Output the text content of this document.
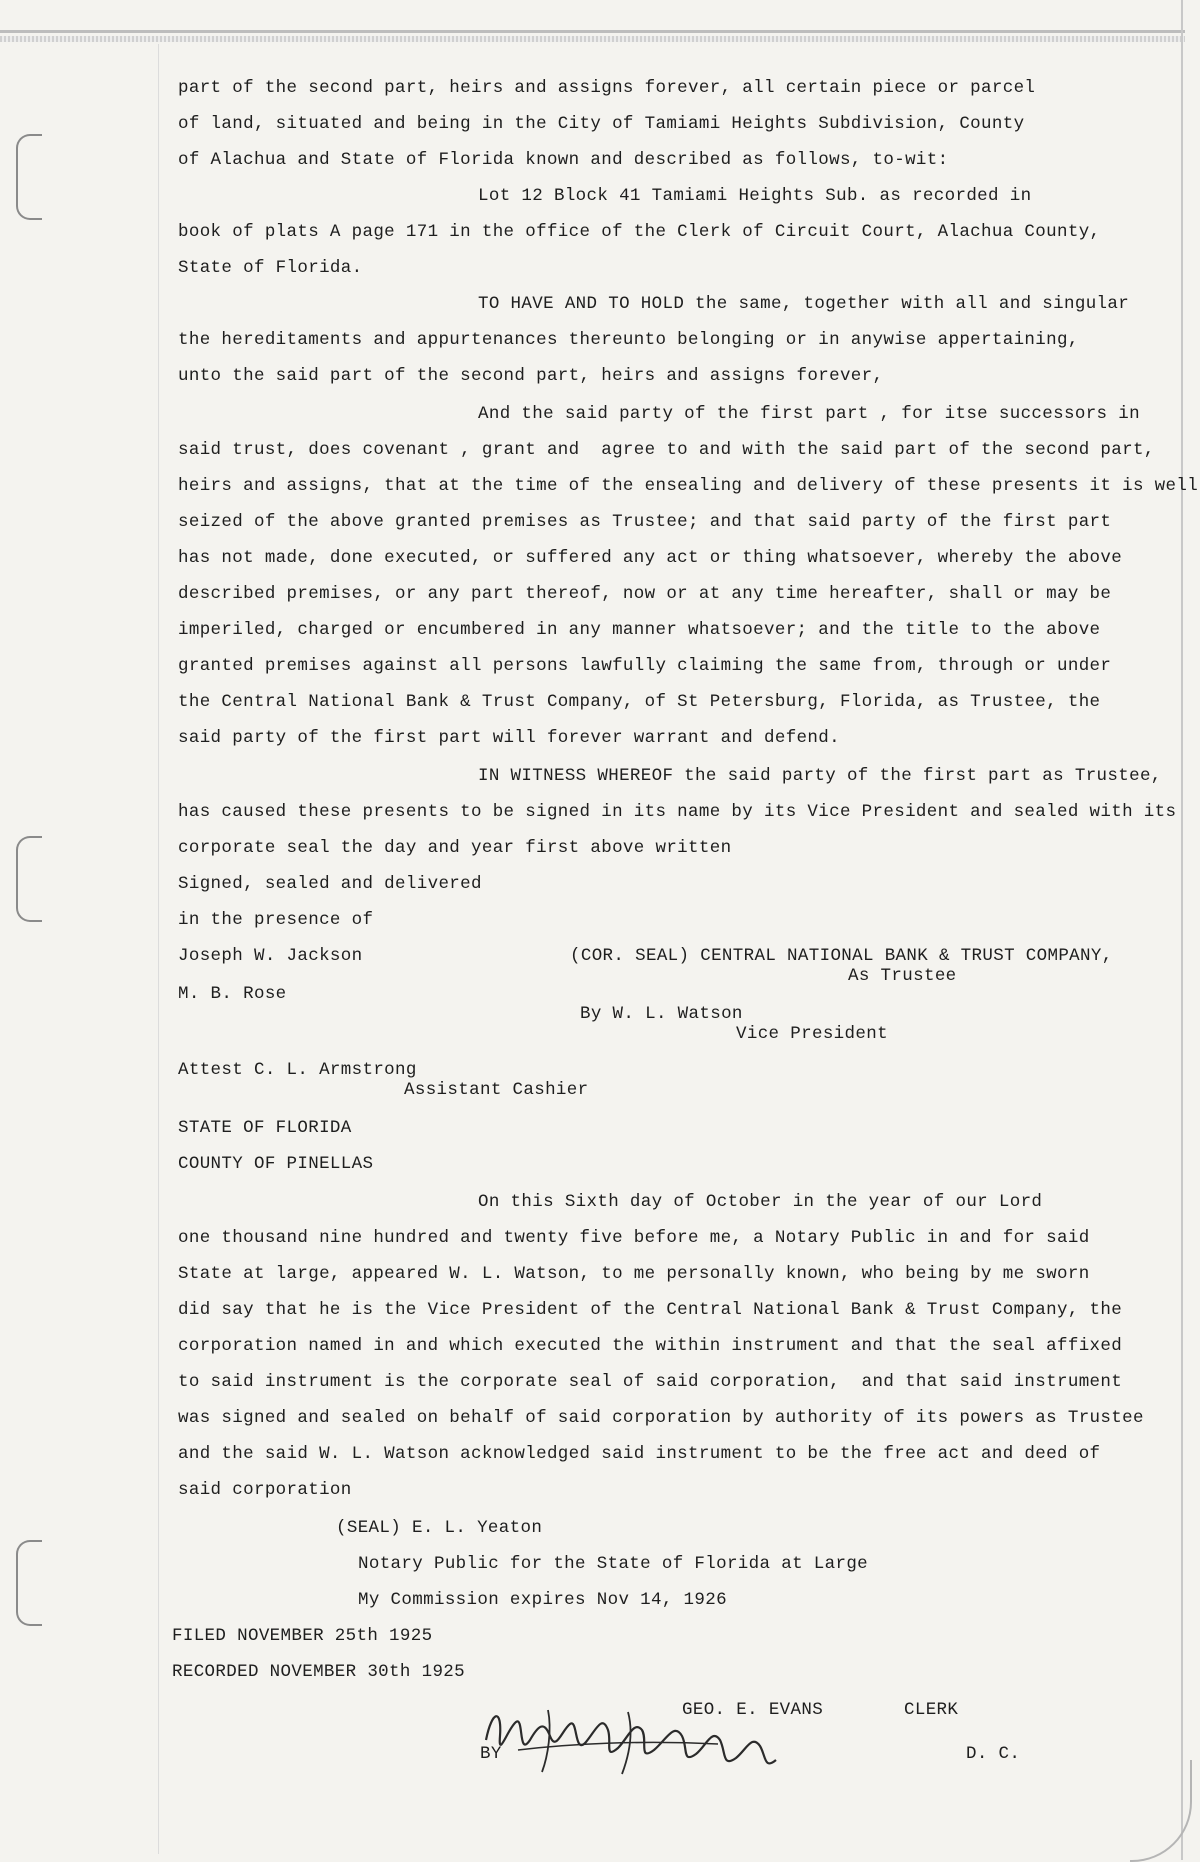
part of the second part, heirs and assigns forever, all certain piece or parcel
of land, situated and being in the City of Tamiami Heights Subdivision, County
of Alachua and State of Florida known and described as follows, to-wit:
Lot 12 Block 41 Tamiami Heights Sub. as recorded in
book of plats A page 171 in the office of the Clerk of Circuit Court, Alachua County,
State of Florida.
TO HAVE AND TO HOLD the same, together with all and singular
the hereditaments and appurtenances thereunto belonging or in anywise appertaining,
unto the said part of the second part, heirs and assigns forever,
And the said party of the first part , for itse successors in
said trust, does covenant , grant and  agree to and with the said part of the second part,
heirs and assigns, that at the time of the ensealing and delivery of these presents it is well
seized of the above granted premises as Trustee; and that said party of the first part
has not made, done executed, or suffered any act or thing whatsoever, whereby the above
described premises, or any part thereof, now or at any time hereafter, shall or may be
imperiled, charged or encumbered in any manner whatsoever; and the title to the above
granted premises against all persons lawfully claiming the same from, through or under
the Central National Bank & Trust Company, of St Petersburg, Florida, as Trustee, the
said party of the first part will forever warrant and defend.
IN WITNESS WHEREOF the said party of the first part as Trustee,
has caused these presents to be signed in its name by its Vice President and sealed with its
corporate seal the day and year first above written
Signed, sealed and delivered
in the presence of
Joseph W. Jackson	(COR. SEAL) CENTRAL NATIONAL BANK & TRUST COMPANY,
As Trustee
M. B. Rose
By W. L. Watson
Vice President
Attest C. L. Armstrong
Assistant Cashier
STATE OF FLORIDA
COUNTY OF PINELLAS
On this Sixth day of October in the year of our Lord
one thousand nine hundred and twenty five before me, a Notary Public in and for said
State at large, appeared W. L. Watson, to me personally known, who being by me sworn
did say that he is the Vice President of the Central National Bank & Trust Company, the
corporation named in and which executed the within instrument and that the seal affixed
to said instrument is the corporate seal of said corporation,  and that said instrument
was signed and sealed on behalf of said corporation by authority of its powers as Trustee
and the said W. L. Watson acknowledged said instrument to be the free act and deed of
said corporation
(SEAL) E. L. Yeaton
Notary Public for the State of Florida at Large
My Commission expires Nov 14, 1926
FILED NOVEMBER 25th 1925
RECORDED NOVEMBER 30th 1925
GEO. E. EVANS	CLERK
BY	D. C.
